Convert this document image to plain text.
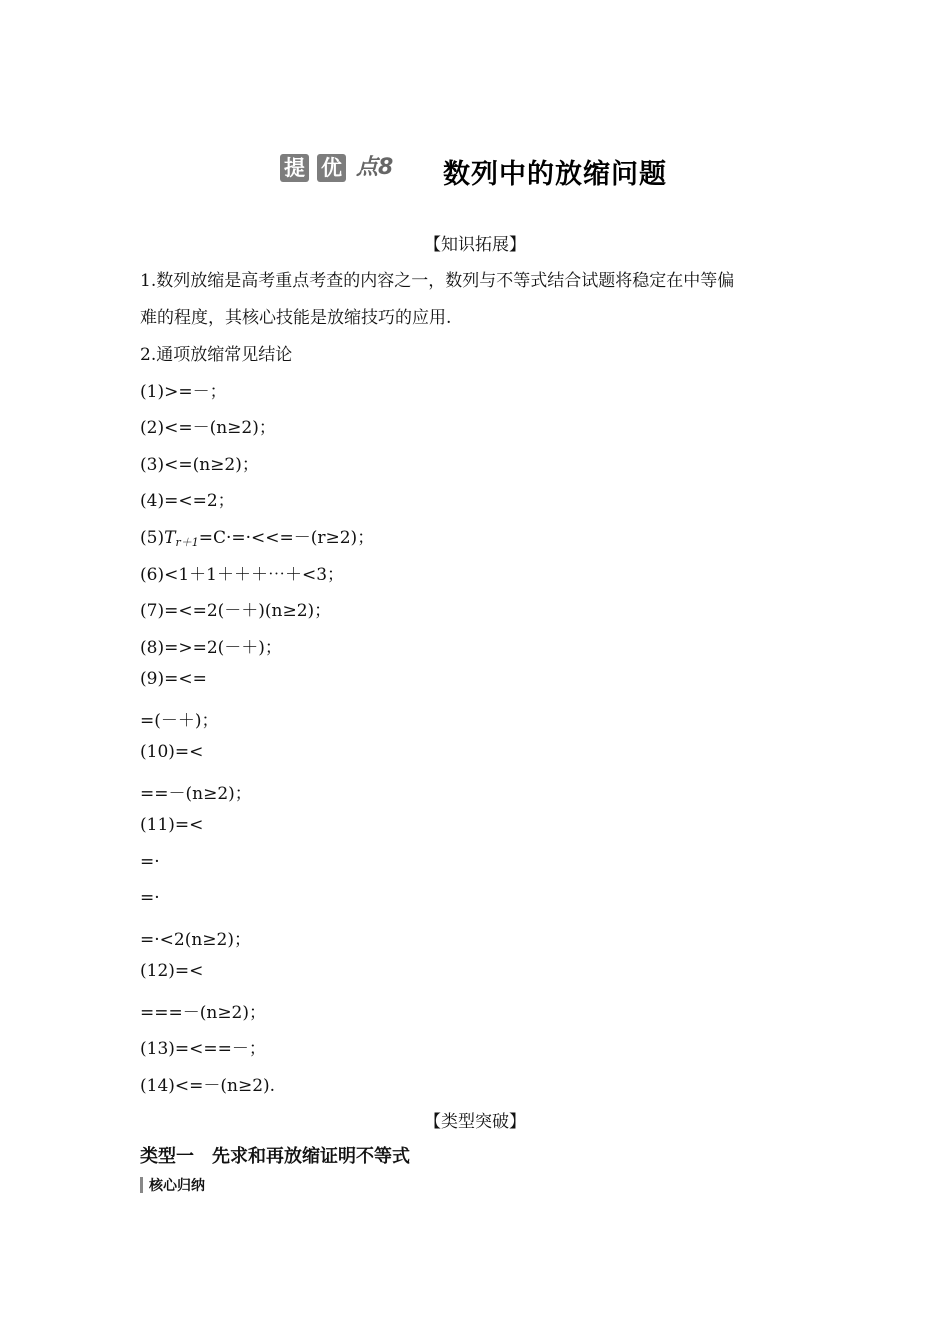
提 优 点8 数列中的放缩问题
【知识拓展】
1.数列放缩是高考重点考查的内容之一，数列与不等式结合试题将稳定在中等偏
难的程度，其核心技能是放缩技巧的应用.
2.通项放缩常见结论
(1)>=－；
(2)<=－(n≥2)；
(3)<=(n≥2)；
(4)=<=2；
$(5)T_{r+1}=C\cdot=\cdot<<=-(r\ge 2)$；
(6)<1＋1＋＋＋⋯＋<3；
(7)=<=2(－＋)(n≥2)；
(8)=>=2(－＋)；
(9)=<=
=(－＋)；
(10)=<
==－(n≥2)；
(11)=<
=·
=·
=·<2(n≥2)；
(12)=<
===－(n≥2)；
(13)=<==－；
(14)<=－(n≥2).
【类型突破】
类型一　先求和再放缩证明不等式
核心归纳
